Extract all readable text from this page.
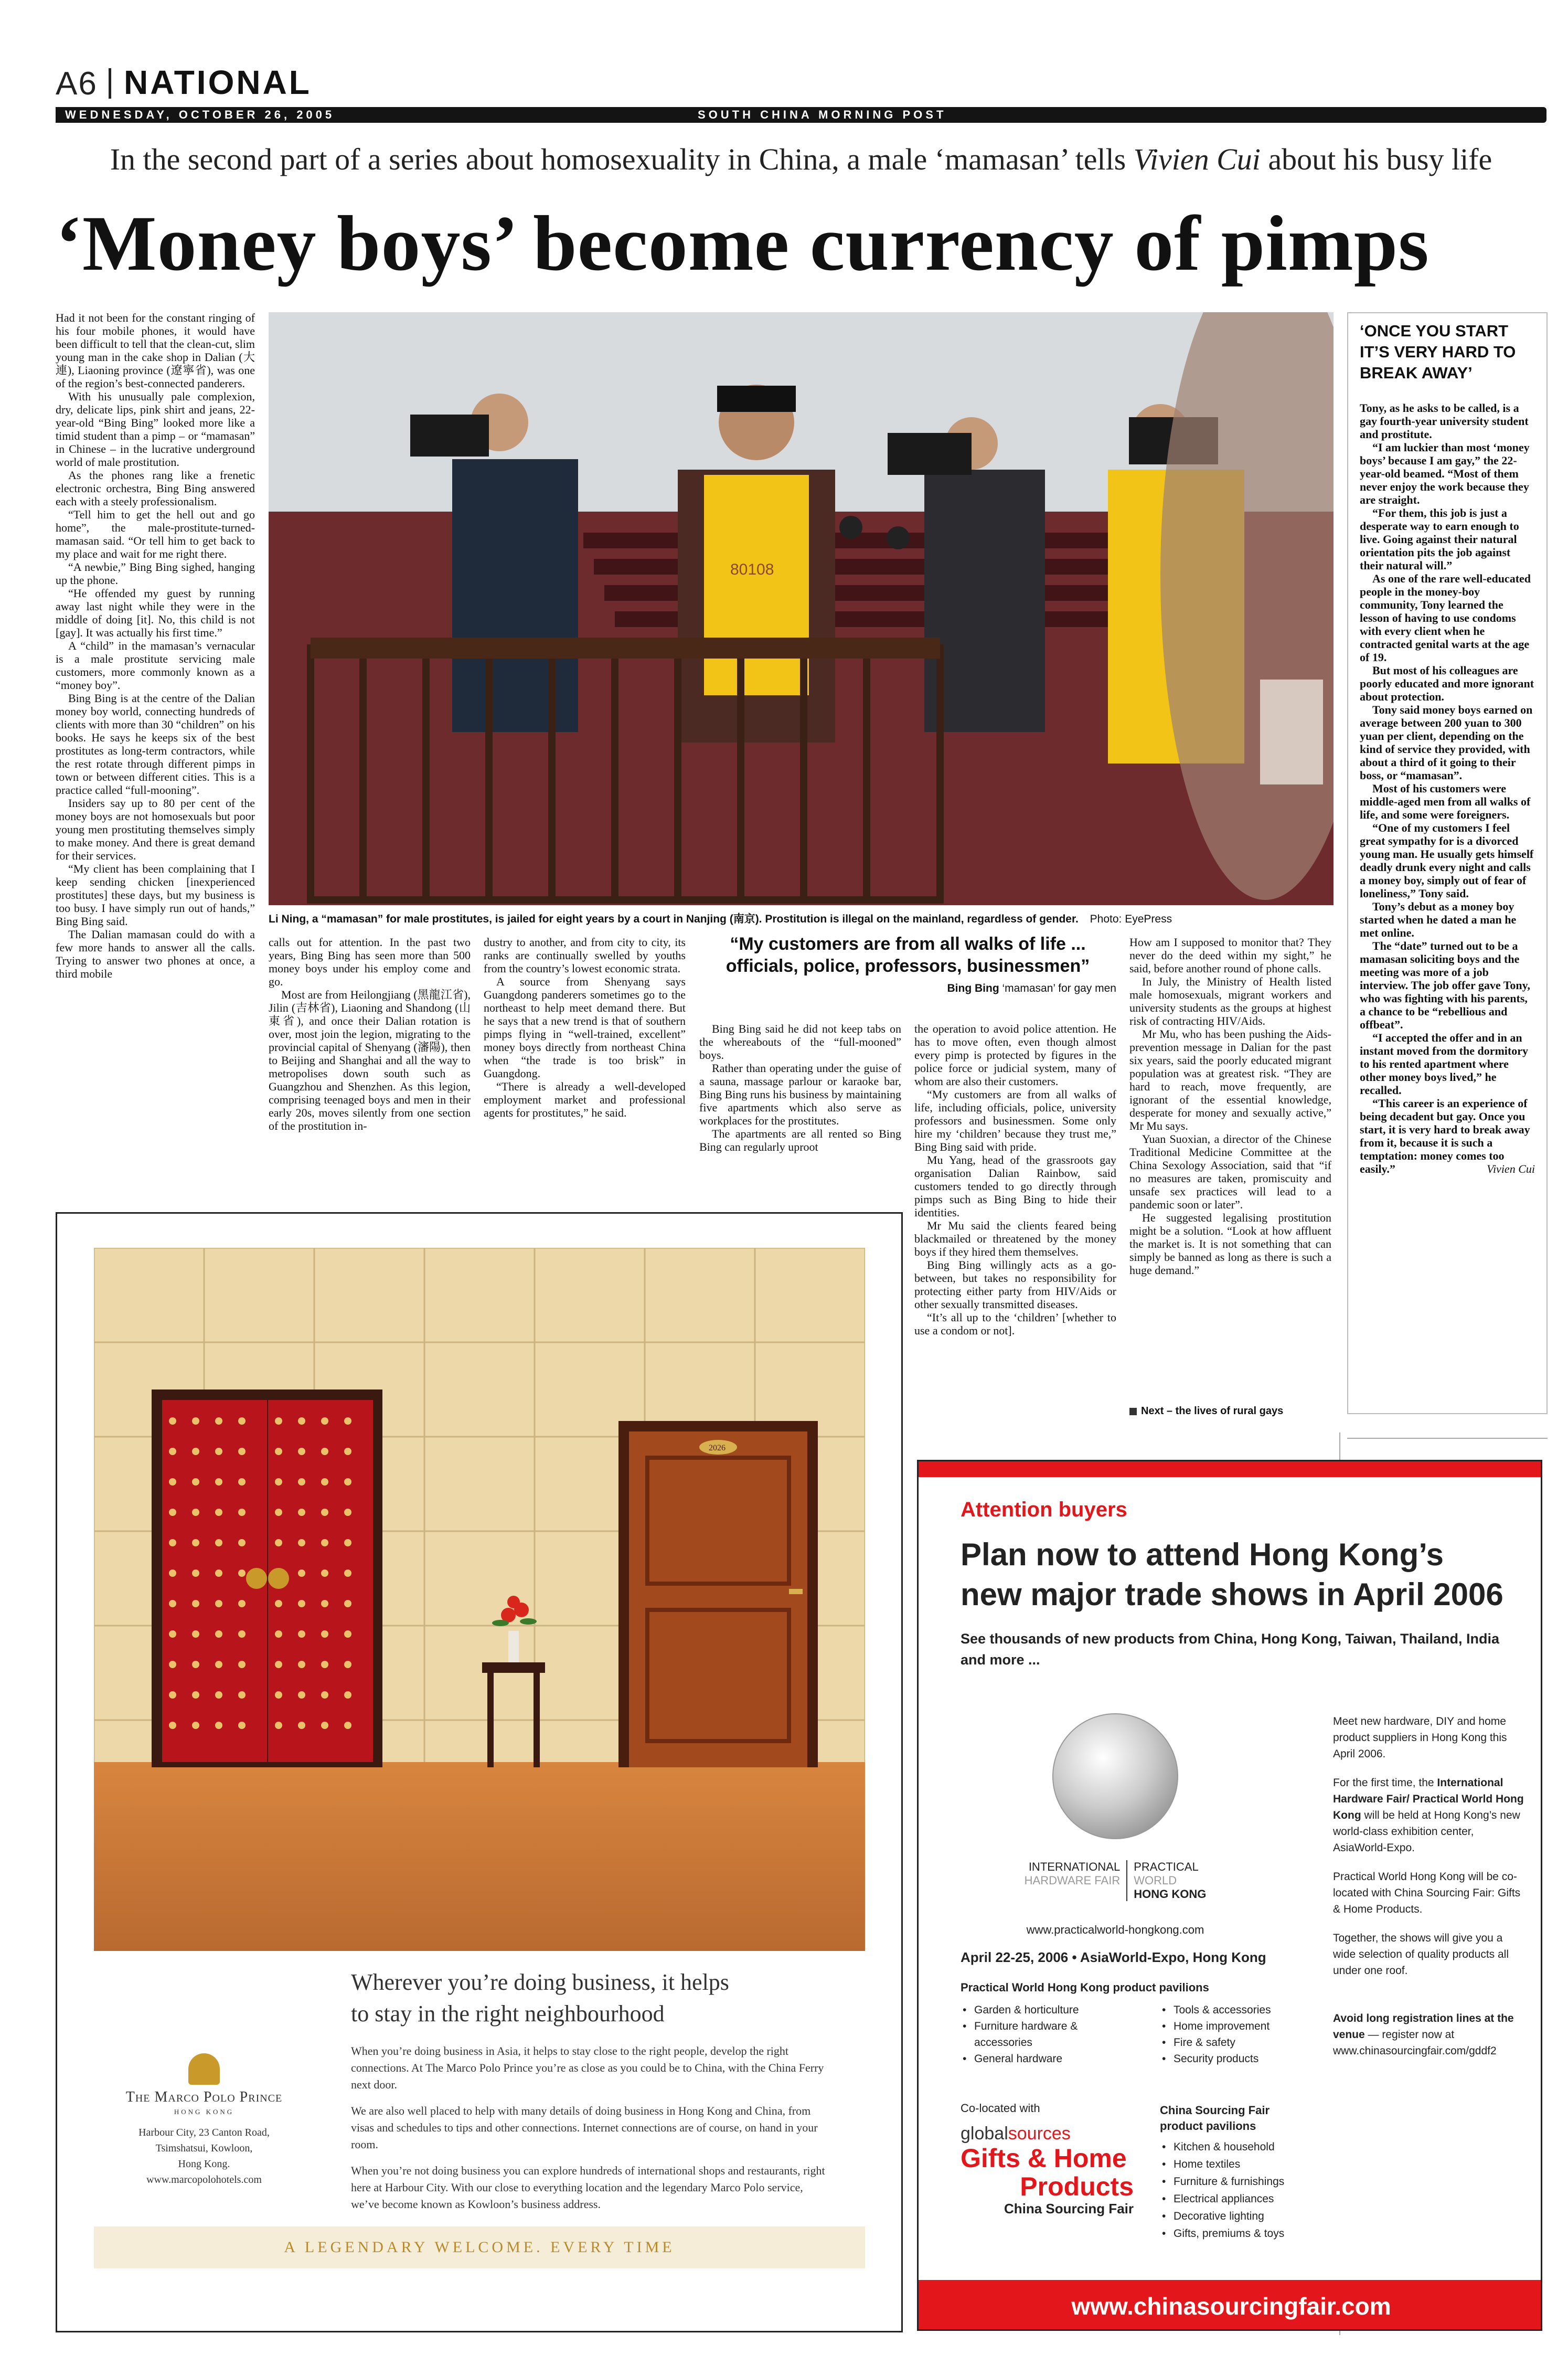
A6 NATIONAL
WEDNESDAY, OCTOBER 26, 2005	SOUTH CHINA MORNING POST
In the second part of a series about homosexuality in China, a male ‘mamasan’ tells Vivien Cui about his busy life
‘Money boys’ become currency of pimps

Had it not been for the constant ringing of his four mobile phones, it would have been difficult to tell that the clean-cut, slim young man in the cake shop in Dalian (大連), Liaoning province (遼寧省), was one of the region’s best-connected panderers.

With his unusually pale complexion, dry, delicate lips, pink shirt and jeans, 22-year-old “Bing Bing” looked more like a timid student than a pimp – or “mamasan” in Chinese – in the lucrative underground world of male prostitution.

As the phones rang like a frenetic electronic orchestra, Bing Bing answered each with a steely professionalism.

“Tell him to get the hell out and go home”, the male-prostitute-turned-mamasan said. “Or tell him to get back to my place and wait for me right there.

“A newbie,” Bing Bing sighed, hanging up the phone.

“He offended my guest by running away last night while they were in the middle of doing [it]. No, this child is not [gay]. It was actually his first time.”

A “child” in the mamasan’s vernacular is a male prostitute servicing male customers, more commonly known as a “money boy”.

Bing Bing is at the centre of the Dalian money boy world, connecting hundreds of clients with more than 30 “children” on his books. He says he keeps six of the best prostitutes as long-term contractors, while the rest rotate through different pimps in town or between different cities. This is a practice called “full-mooning”.

Insiders say up to 80 per cent of the money boys are not homosexuals but poor young men prostituting themselves simply to make money. And there is great demand for their services.

“My client has been complaining that I keep sending chicken [inexperienced prostitutes] these days, but my business is too busy. I have simply run out of hands,” Bing Bing said.

The Dalian mamasan could do with a few more hands to answer all the calls. Trying to answer two phones at once, a third mobile

80108
Li Ning, a “mamasan” for male prostitutes, is jailed for eight years by a court in Nanjing (南京). Prostitution is illegal on the mainland, regardless of gender. Photo: EyePress

calls out for attention. In the past two years, Bing Bing has seen more than 500 money boys under his employ come and go.

Most are from Heilongjiang (黑龍江省), Jilin (吉林省), Liaoning and Shandong (山東省), and once their Dalian rotation is over, most join the legion, migrating to the provincial capital of Shenyang (瀋陽), then to Beijing and Shanghai and all the way to metropolises down south such as Guangzhou and Shenzhen. As this legion, comprising teenaged boys and men in their early 20s, moves silently from one section of the prostitution in-

dustry to another, and from city to city, its ranks are continually swelled by youths from the country’s lowest economic strata.

A source from Shenyang says Guangdong panderers sometimes go to the northeast to help meet demand there. But he says that a new trend is that of southern pimps flying in “well-trained, excellent” money boys directly from northeast China when “the trade is too brisk” in Guangdong.

“There is already a well-developed employment market and professional agents for prostitutes,” he said.

“My customers are from all walks of life ... officials, police, professors, businessmen”
Bing Bing ‘mamasan’ for gay men

Bing Bing said he did not keep tabs on the whereabouts of the “full-mooned” boys.

Rather than operating under the guise of a sauna, massage parlour or karaoke bar, Bing Bing runs his business by maintaining five apartments which also serve as workplaces for the prostitutes.

The apartments are all rented so Bing Bing can regularly uproot

the operation to avoid police attention. He has to move often, even though almost every pimp is protected by figures in the police force or judicial system, many of whom are also their customers.

“My customers are from all walks of life, including officials, police, university professors and businessmen. Some only hire my ‘children’ because they trust me,” Bing Bing said with pride.

Mu Yang, head of the grassroots gay organisation Dalian Rainbow, said customers tended to go directly through pimps such as Bing Bing to hide their identities.

Mr Mu said the clients feared being blackmailed or threatened by the money boys if they hired them themselves.

Bing Bing willingly acts as a go-between, but takes no responsibility for protecting either party from HIV/Aids or other sexually transmitted diseases.

“It’s all up to the ‘children’ [whether to use a condom or not].

How am I supposed to monitor that? They never do the deed within my sight,” he said, before another round of phone calls.

In July, the Ministry of Health listed male homosexuals, migrant workers and university students as the groups at highest risk of contracting HIV/Aids.

Mr Mu, who has been pushing the Aids-prevention message in Dalian for the past six years, said the poorly educated migrant population was at greatest risk. “They are hard to reach, move frequently, are ignorant of the essential knowledge, desperate for money and sexually active,” Mr Mu says.

Yuan Suoxian, a director of the Chinese Traditional Medicine Committee at the China Sexology Association, said that “if no measures are taken, promiscuity and unsafe sex practices will lead to a pandemic soon or later”.

He suggested legalising prostitution might be a solution. “Look at how affluent the market is. It is not something that can simply be banned as long as there is such a huge demand.”

Next – the lives of rural gays
‘ONCE YOU START IT’S VERY HARD TO BREAK AWAY’

Tony, as he asks to be called, is a gay fourth-year university student and prostitute.

“I am luckier than most ‘money boys’ because I am gay,” the 22-year-old beamed. “Most of them never enjoy the work because they are straight.

“For them, this job is just a desperate way to earn enough to live. Going against their natural orientation pits the job against their natural will.”

As one of the rare well-educated people in the money-boy community, Tony learned the lesson of having to use condoms with every client when he contracted genital warts at the age of 19.

But most of his colleagues are poorly educated and more ignorant about protection.

Tony said money boys earned on average between 200 yuan to 300 yuan per client, depending on the kind of service they provided, with about a third of it going to their boss, or “mamasan”.

Most of his customers were middle-aged men from all walks of life, and some were foreigners.

“One of my customers I feel great sympathy for is a divorced young man. He usually gets himself deadly drunk every night and calls a money boy, simply out of fear of loneliness,” Tony said.

Tony’s debut as a money boy started when he dated a man he met online.

The “date” turned out to be a mamasan soliciting boys and the meeting was more of a job interview. The job offer gave Tony, who was fighting with his parents, a chance to be “rebellious and offbeat”.

“I accepted the offer and in an instant moved from the dormitory to his rented apartment where other money boys lived,” he recalled.

“This career is an experience of being decadent but gay. Once you start, it is very hard to break away from it, because it is such a temptation: money comes too easily.”	Vivien Cui
2026
Wherever you’re doing business, it helps
to stay in the right neighbourhood

When you’re doing business in Asia, it helps to stay close to the right people, develop the right connections. At The Marco Polo Prince you’re as close as you could be to China, with the China Ferry next door.

We are also well placed to help with many details of doing business in Hong Kong and China, from visas and schedules to tips and other connections. Internet connections are of course, on hand in your room.

When you’re not doing business you can explore hundreds of international shops and restaurants, right here at Harbour City. With our close to everything location and the legendary Marco Polo service, we’ve become known as Kowloon’s business address.

The Marco Polo Prince
HONG KONG
Harbour City, 23 Canton Road,
Tsimshatsui, Kowloon,
Hong Kong.
www.marcopolohotels.com
A LEGENDARY WELCOME. EVERY TIME
Attention buyers
Plan now to attend Hong Kong’s
new major trade shows in April 2006
See thousands of new products from China, Hong Kong, Taiwan, Thailand, India and more ...
INTERNATIONAL
HARDWARE FAIR
PRACTICAL
WORLD
HONG KONG
www.practicalworld-hongkong.com
April 22-25, 2006 • AsiaWorld-Expo, Hong Kong
Practical World Hong Kong product pavilions
• Garden & horticulture
• Furniture hardware & accessories
• General hardware
• Tools & accessories
• Home improvement
• Fire & safety
• Security products
Co-located with
globalsources
Gifts & Home
Products
China Sourcing Fair
China Sourcing Fair product pavilions
• Kitchen & household
• Home textiles
• Furniture & furnishings
• Electrical appliances
• Decorative lighting
• Gifts, premiums & toys

Meet new hardware, DIY and home product suppliers in Hong Kong this April 2006.

For the first time, the International Hardware Fair/ Practical World Hong Kong will be held at Hong Kong’s new world-class exhibition center, AsiaWorld-Expo.

Practical World Hong Kong will be co-located with China Sourcing Fair: Gifts & Home Products.

Together, the shows will give you a wide selection of quality products all under one roof.

Avoid long registration lines at the venue — register now at

www.chinasourcingfair.com/gddf2

www.chinasourcingfair.com
